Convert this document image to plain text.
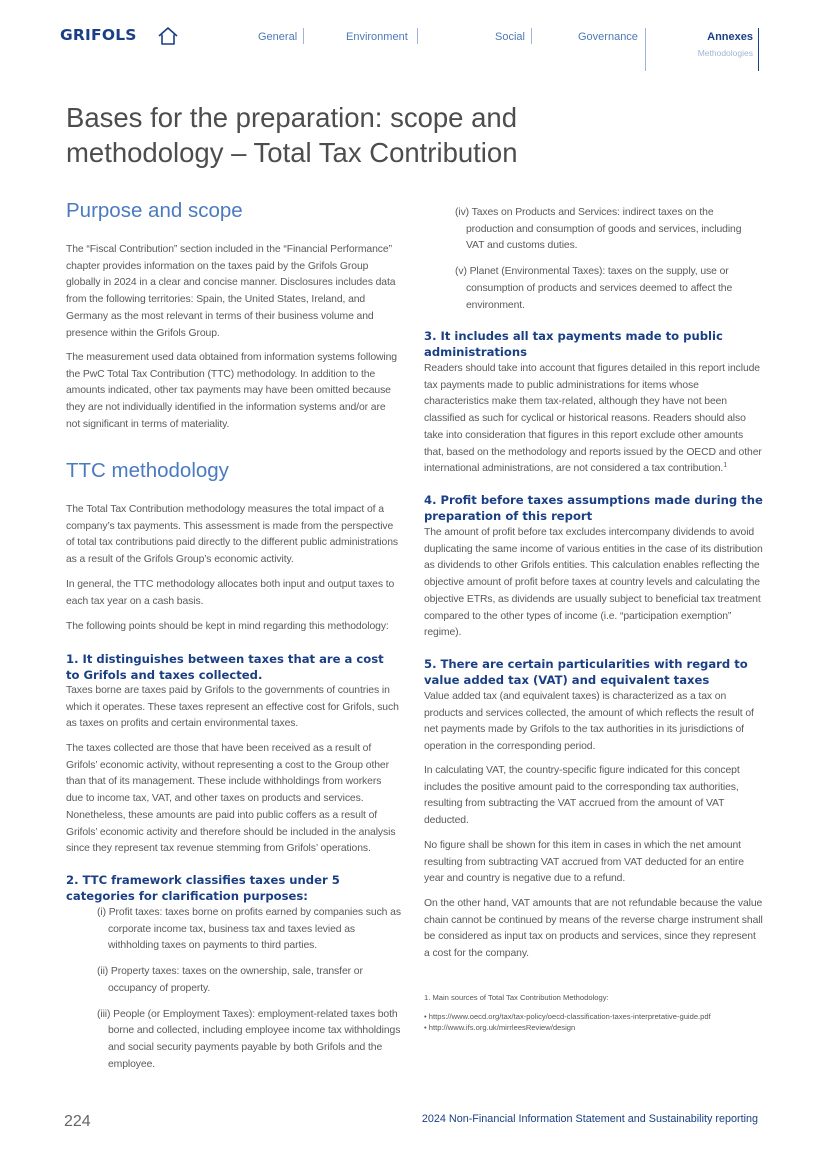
GRIFOLS	General	Environment	Social	Governance	Annexes
Methodologies
Bases for the preparation: scope and
methodology – Total Tax Contribution
Purpose and scope
The “Fiscal Contribution” section included in the “Financial Performance” chapter provides information on the taxes paid by the Grifols Group globally in 2024 in a clear and concise manner. Disclosures includes data from the following territories: Spain, the United States, Ireland, and Germany as the most relevant in terms of their business volume and presence within the Grifols Group.
The measurement used data obtained from information systems following the PwC Total Tax Contribution (TTC) methodology. In addition to the amounts indicated, other tax payments may have been omitted because they are not individually identified in the information systems and/or are not significant in terms of materiality.
TTC methodology
The Total Tax Contribution methodology measures the total impact of a company’s tax payments. This assessment is made from the perspective of total tax contributions paid directly to the different public administrations as a result of the Grifols Group’s economic activity.
In general, the TTC methodology allocates both input and output taxes to each tax year on a cash basis.
The following points should be kept in mind regarding this methodology:
1. It distinguishes between taxes that are a cost to Grifols and taxes collected.
Taxes borne are taxes paid by Grifols to the governments of countries in which it operates. These taxes represent an effective cost for Grifols, such as taxes on profits and certain environmental taxes.
The taxes collected are those that have been received as a result of Grifols’ economic activity, without representing a cost to the Group other than that of its management. These include withholdings from workers due to income tax, VAT, and other taxes on products and services. Nonetheless, these amounts are paid into public coffers as a result of Grifols’ economic activity and therefore should be included in the analysis since they represent tax revenue stemming from Grifols’ operations.
2. TTC framework classifies taxes under 5 categories for clarification purposes:
(i) Profit taxes: taxes borne on profits earned by companies such as corporate income tax, business tax and taxes levied as withholding taxes on payments to third parties.
(ii) Property taxes: taxes on the ownership, sale, transfer or occupancy of property.
(iii) People (or Employment Taxes): employment-related taxes both borne and collected, including employee income tax withholdings and social security payments payable by both Grifols and the employee.
(iv) Taxes on Products and Services: indirect taxes on the production and consumption of goods and services, including VAT and customs duties.
(v) Planet (Environmental Taxes): taxes on the supply, use or consumption of products and services deemed to affect the environment.
3. It includes all tax payments made to public administrations
Readers should take into account that figures detailed in this report include tax payments made to public administrations for items whose characteristics make them tax-related, although they have not been classified as such for cyclical or historical reasons. Readers should also take into consideration that figures in this report exclude other amounts that, based on the methodology and reports issued by the OECD and other international administrations, are not considered a tax contribution.$^1$
4. Profit before taxes assumptions made during the preparation of this report
The amount of profit before tax excludes intercompany dividends to avoid duplicating the same income of various entities in the case of its distribution as dividends to other Grifols entities. This calculation enables reflecting the objective amount of profit before taxes at country levels and calculating the objective ETRs, as dividends are usually subject to beneficial tax treatment compared to the other types of income (i.e. “participation exemption” regime).
5. There are certain particularities with regard to value added tax (VAT) and equivalent taxes
Value added tax (and equivalent taxes) is characterized as a tax on products and services collected, the amount of which reflects the result of net payments made by Grifols to the tax authorities in its jurisdictions of operation in the corresponding period.
In calculating VAT, the country-specific figure indicated for this concept includes the positive amount paid to the corresponding tax authorities, resulting from subtracting the VAT accrued from the amount of VAT deducted.
No figure shall be shown for this item in cases in which the net amount resulting from subtracting VAT accrued from VAT deducted for an entire year and country is negative due to a refund.
On the other hand, VAT amounts that are not refundable because the value chain cannot be continued by means of the reverse charge instrument shall be considered as input tax on products and services, since they represent a cost for the company.
1. Main sources of Total Tax Contribution Methodology:
• https://www.oecd.org/tax/tax-policy/oecd-classification-taxes-interpretative-guide.pdf
• http://www.ifs.org.uk/mirrleesReview/design
224	2024 Non-Financial Information Statement and Sustainability reporting
